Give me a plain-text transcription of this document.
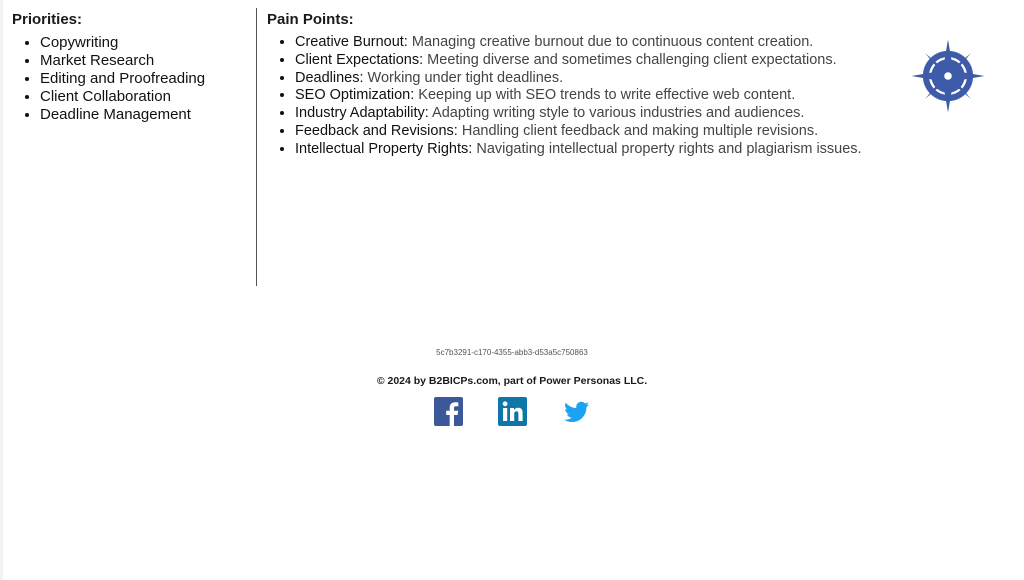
Priorities:
• Copywriting
• Market Research
• Editing and Proofreading
• Client Collaboration
• Deadline Management
Pain Points:
• Creative Burnout: Managing creative burnout due to continuous content creation.
• Client Expectations: Meeting diverse and sometimes challenging client expectations.
• Deadlines: Working under tight deadlines.
• SEO Optimization: Keeping up with SEO trends to write effective web content.
• Industry Adaptability: Adapting writing style to various industries and audiences.
• Feedback and Revisions: Handling client feedback and making multiple revisions.
• Intellectual Property Rights: Navigating intellectual property rights and plagiarism issues.
5c7b3291-c170-4355-abb3-d53a5c750863
© 2024 by B2BICPs.com, part of Power Personas LLC.
